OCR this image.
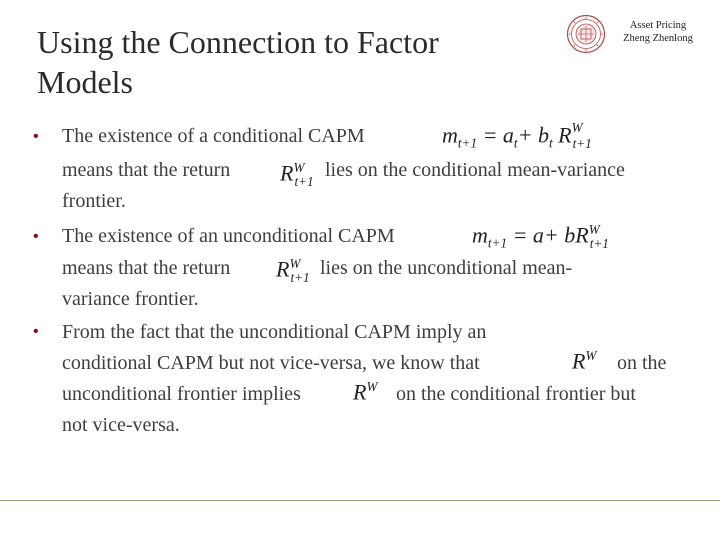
Using the Connection to Factor
Models
Asset Pricing
Zheng Zhenlong
• The existence of a conditional CAPM	$m_{t+1} = a_t+ b_t$ $R^W_{t+1}$
means that the return $R^W_{t+1}$
lies on the conditional mean-variance
frontier.
• The existence of an unconditional CAPM	$m_{t+1} = a+ bR^W_{t+1}$
means that the return $R^W_{t+1}$ lies on the unconditional mean-
variance frontier.
• From the fact that the unconditional CAPM imply an
conditional CAPM but not vice-versa, we know that	$R^W$ on the
unconditional frontier implies $R^W$ on the conditional frontier but
not vice-versa.
